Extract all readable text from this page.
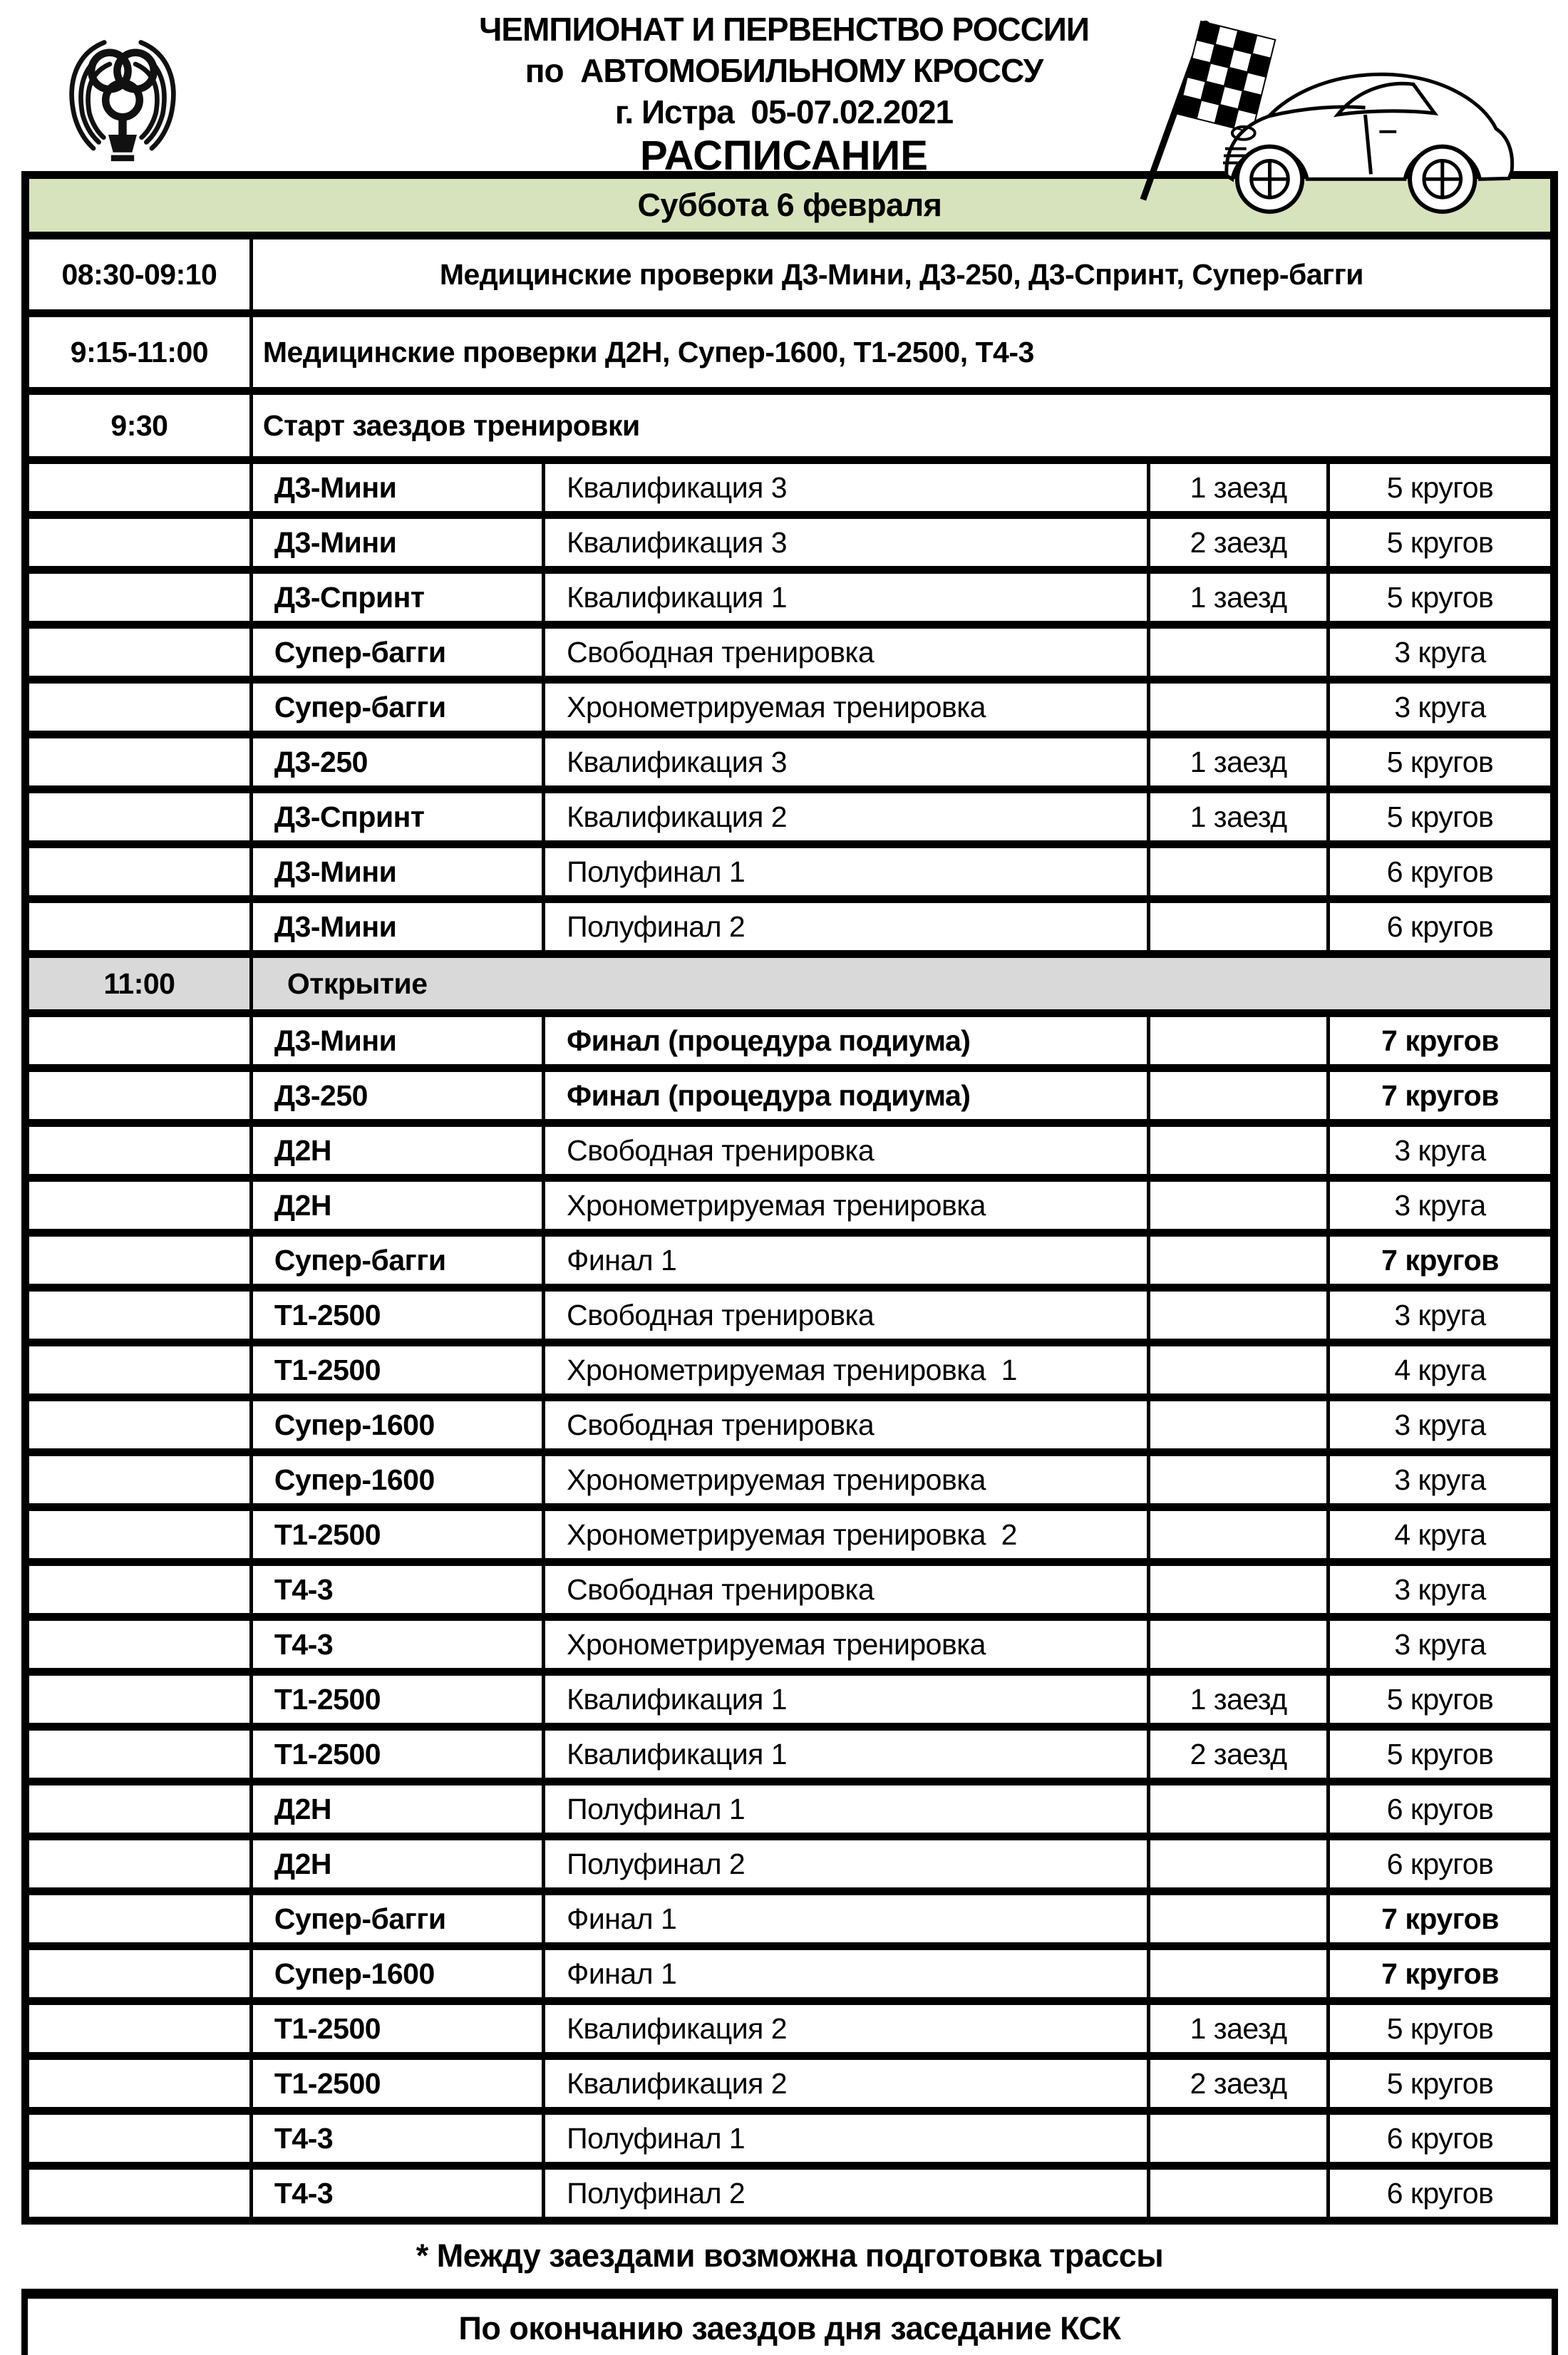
ЧЕМПИОНАТ И ПЕРВЕНСТВО РОССИИ
по  АВТОМОБИЛЬНОМУ КРОССУ
г. Истра  05-07.02.2021
РАСПИСАНИЕ
Суббота 6 февраля				
08:30-09:10	Медицинские проверки Д3-Мини, Д3-250, Д3-Спринт, Супер-багги			
9:15-11:00	Медицинские проверки Д2Н, Супер-1600, Т1-2500, Т4-3			
9:30	Старт заездов тренировки			
	Д3-Мини	Квалификация 3	1 заезд	5 кругов
	Д3-Мини	Квалификация 3	2 заезд	5 кругов
	Д3-Спринт	Квалификация 1	1 заезд	5 кругов
	Супер-багги	Свободная тренировка		3 круга
	Супер-багги	Хронометрируемая тренировка		3 круга
	Д3-250	Квалификация 3	1 заезд	5 кругов
	Д3-Спринт	Квалификация 2	1 заезд	5 кругов
	Д3-Мини	Полуфинал 1		6 кругов
	Д3-Мини	Полуфинал 2		6 кругов
11:00	Открытие			
	Д3-Мини	Финал (процедура подиума)		7 кругов
	Д3-250	Финал (процедура подиума)		7 кругов
	Д2Н	Свободная тренировка		3 круга
	Д2Н	Хронометрируемая тренировка		3 круга
	Супер-багги	Финал 1		7 кругов
	Т1-2500	Свободная тренировка		3 круга
	Т1-2500	Хронометрируемая тренировка  1		4 круга
	Супер-1600	Свободная тренировка		3 круга
	Супер-1600	Хронометрируемая тренировка		3 круга
	Т1-2500	Хронометрируемая тренировка  2		4 круга
	Т4-3	Свободная тренировка		3 круга
	Т4-3	Хронометрируемая тренировка		3 круга
	Т1-2500	Квалификация 1	1 заезд	5 кругов
	Т1-2500	Квалификация 1	2 заезд	5 кругов
	Д2Н	Полуфинал 1		6 кругов
	Д2Н	Полуфинал 2		6 кругов
	Супер-багги	Финал 1		7 кругов
	Супер-1600	Финал 1		7 кругов
	Т1-2500	Квалификация 2	1 заезд	5 кругов
	Т1-2500	Квалификация 2	2 заезд	5 кругов
	Т4-3	Полуфинал 1		6 кругов
	Т4-3	Полуфинал 2		6 кругов
* Между заездами возможна подготовка трассы
По окончанию заездов дня заседание КСК
